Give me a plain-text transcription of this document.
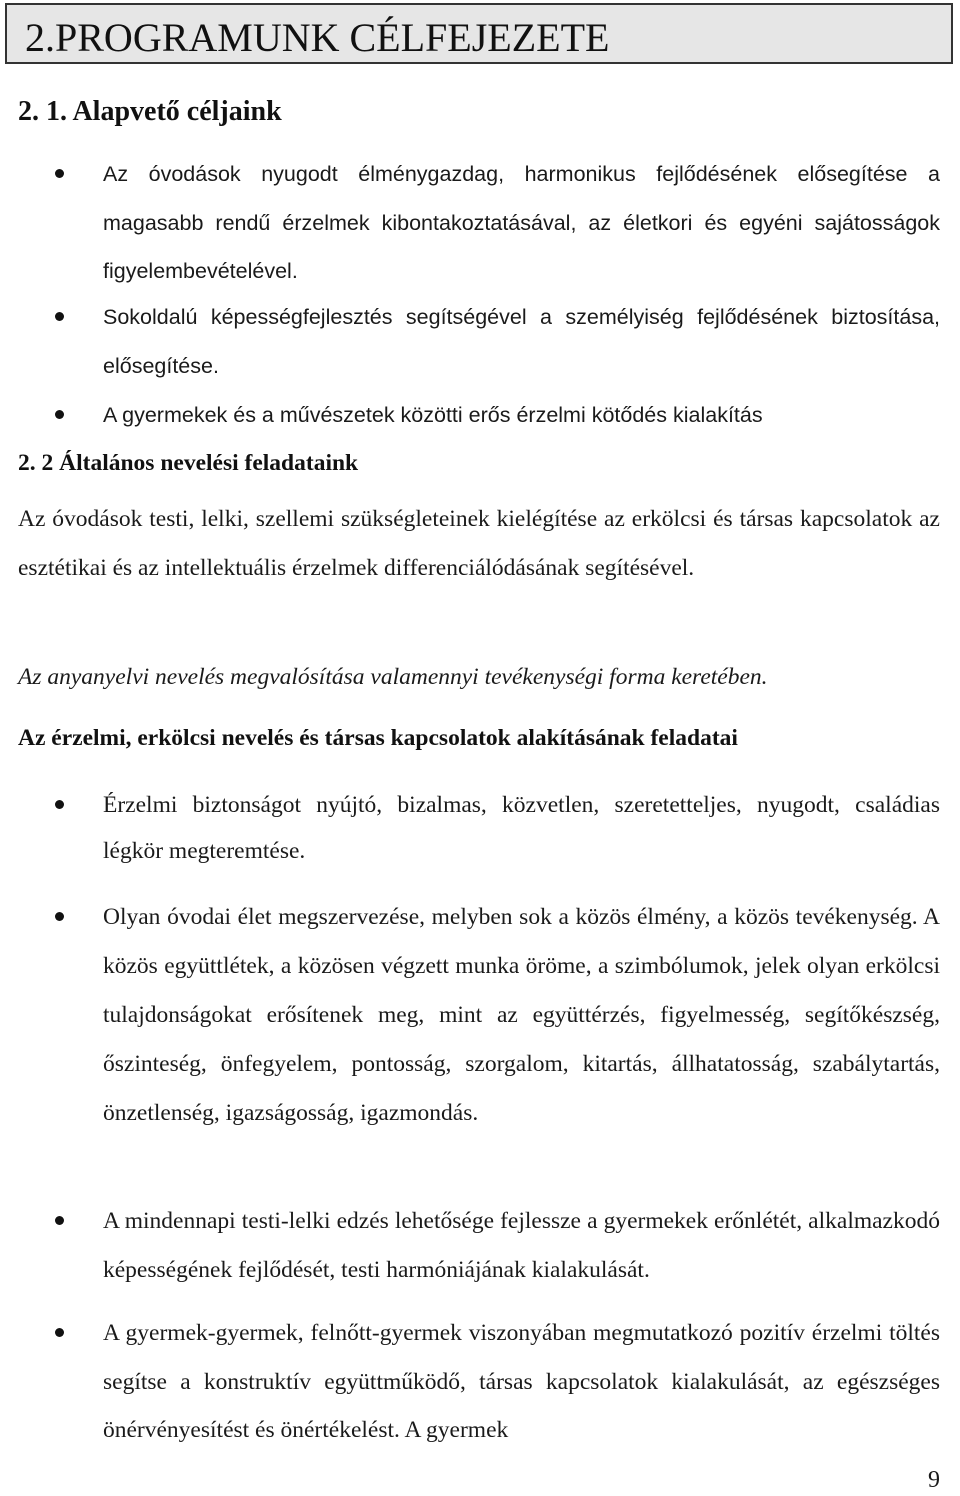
2.PROGRAMUNK CÉLFEJEZETE
2. 1. Alapvető céljaink

Az óvodások nyugodt élménygazdag, harmonikus fejlődésének elősegítése a magasabb rendű érzelmek kibontakoztatásával, az életkori és egyéni sajátosságok figyelembevételével.

Sokoldalú képességfejlesztés segítségével a személyiség fejlődésének biztosítása, elősegítése.

A gyermekek és a művészetek közötti erős érzelmi kötődés kialakítás

2. 2 Általános nevelési feladataink

Az óvodások testi, lelki, szellemi szükségleteinek kielégítése az erkölcsi és társas kapcsolatok az esztétikai és az intellektuális érzelmek differenciálódásának segítésével.

Az anyanyelvi nevelés megvalósítása valamennyi tevékenységi forma keretében.

Az érzelmi, erkölcsi nevelés és társas kapcsolatok alakításának feladatai

Érzelmi biztonságot nyújtó, bizalmas, közvetlen, szeretetteljes, nyugodt, családias légkör megteremtése.

Olyan óvodai élet megszervezése, melyben sok a közös élmény, a közös tevékenység. A közös együttlétek, a közösen végzett munka öröme, a szimbólumok, jelek olyan erkölcsi tulajdonságokat erősítenek meg, mint az együttérzés, figyelmesség, segítőkészség, őszinteség, önfegyelem, pontosság, szorgalom, kitartás, állhatatosság, szabálytartás, önzetlenség, igazságosság, igazmondás.

A mindennapi testi-lelki edzés lehetősége fejlessze a gyermekek erőnlétét, alkalmazkodó képességének fejlődését, testi harmóniájának kialakulását.

A gyermek-gyermek, felnőtt-gyermek viszonyában megmutatkozó pozitív érzelmi töltés segítse a konstruktív együttműködő, társas kapcsolatok kialakulását, az egészséges önérvényesítést és önértékelést. A gyermek

9
